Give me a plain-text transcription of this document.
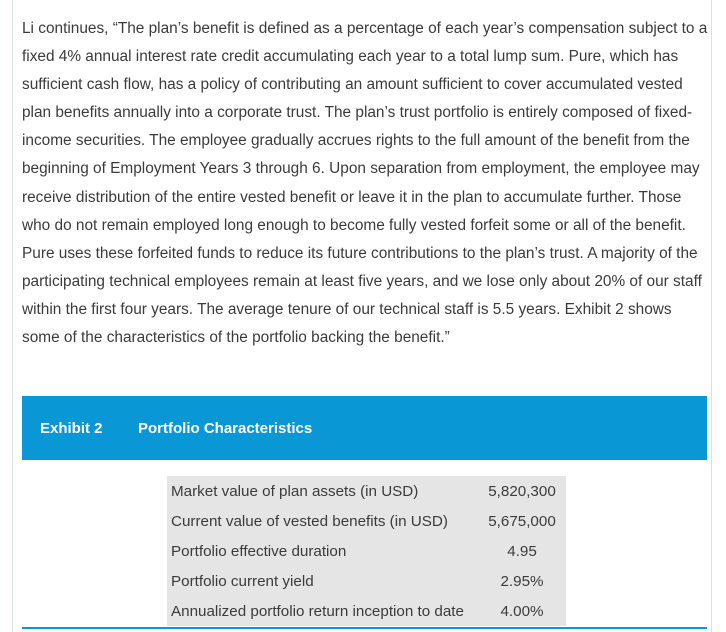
Li continues, “The plan’s benefit is defined as a percentage of each year’s compensation subject to a fixed 4% annual interest rate credit accumulating each year to a total lump sum. Pure, which has sufficient cash flow, has a policy of contributing an amount sufficient to cover accumulated vested plan benefits annually into a corporate trust. The plan’s trust portfolio is entirely composed of fixed-income securities. The employee gradually accrues rights to the full amount of the benefit from the beginning of Employment Years 3 through 6. Upon separation from employment, the employee may receive distribution of the entire vested benefit or leave it in the plan to accumulate further. Those who do not remain employed long enough to become fully vested forfeit some or all of the benefit. Pure uses these forfeited funds to reduce its future contributions to the plan’s trust. A majority of the participating technical employees remain at least five years, and we lose only about 20% of our staff within the first four years. The average tenure of our technical staff is 5.5 years. Exhibit 2 shows some of the characteristics of the portfolio backing the benefit.”

Exhibit 2	Portfolio Characteristics
Market value of plan assets (in USD)	5,820,300
Current value of vested benefits (in USD)	5,675,000
Portfolio effective duration	4.95
Portfolio current yield	2.95%
Annualized portfolio return inception to date	4.00%
